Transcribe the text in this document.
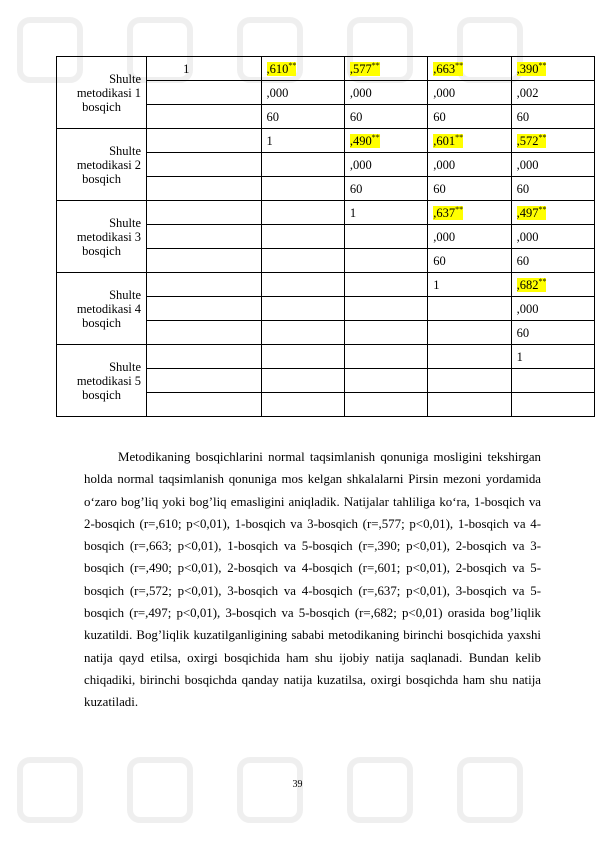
Shulte
metodikasi 1
bosqich	1	,610**	,577**	,663**	,390**
		,000	,000	,000	,002
		60	60	60	60

Shulte
metodikasi 2
bosqich		1	,490**	,601**	,572**
			,000	,000	,000
			60	60	60

Shulte
metodikasi 3
bosqich			1	,637**	,497**
				,000	,000
				60	60

Shulte
metodikasi 4
bosqich				1	,682**
					,000
					60

Shulte
metodikasi 5
bosqich					1

Metodikaning bosqichlarini normal taqsimlanish qonuniga mosligini tekshirgan holda normal taqsimlanish qonuniga mos kelgan shkalalarni Pirsin mezoni yordamida o‘zaro bog’liq yoki bog’liq emasligini aniqladik. Natijalar tahliliga ko‘ra, 1-bosqich va 2-bosqich (r=,610; p<0,01), 1-bosqich va 3-bosqich (r=,577; p<0,01), 1-bosqich va 4-bosqich (r=,663; p<0,01), 1-bosqich va 5-bosqich (r=,390; p<0,01), 2-bosqich va 3-bosqich (r=,490; p<0,01), 2-bosqich va 4-bosqich (r=,601; p<0,01), 2-bosqich va 5-bosqich (r=,572; p<0,01), 3-bosqich va 4-bosqich (r=,637; p<0,01), 3-bosqich va 5-bosqich (r=,497; p<0,01), 3-bosqich va 5-bosqich (r=,682; p<0,01) orasida bog’liqlik kuzatildi. Bog’liqlik kuzatilganligining sababi metodikaning birinchi bosqichida yaxshi natija qayd etilsa, oxirgi bosqichida ham shu ijobiy natija saqlanadi. Bundan kelib chiqadiki, birinchi bosqichda qanday natija kuzatilsa, oxirgi bosqichda ham shu natija kuzatiladi.
39
